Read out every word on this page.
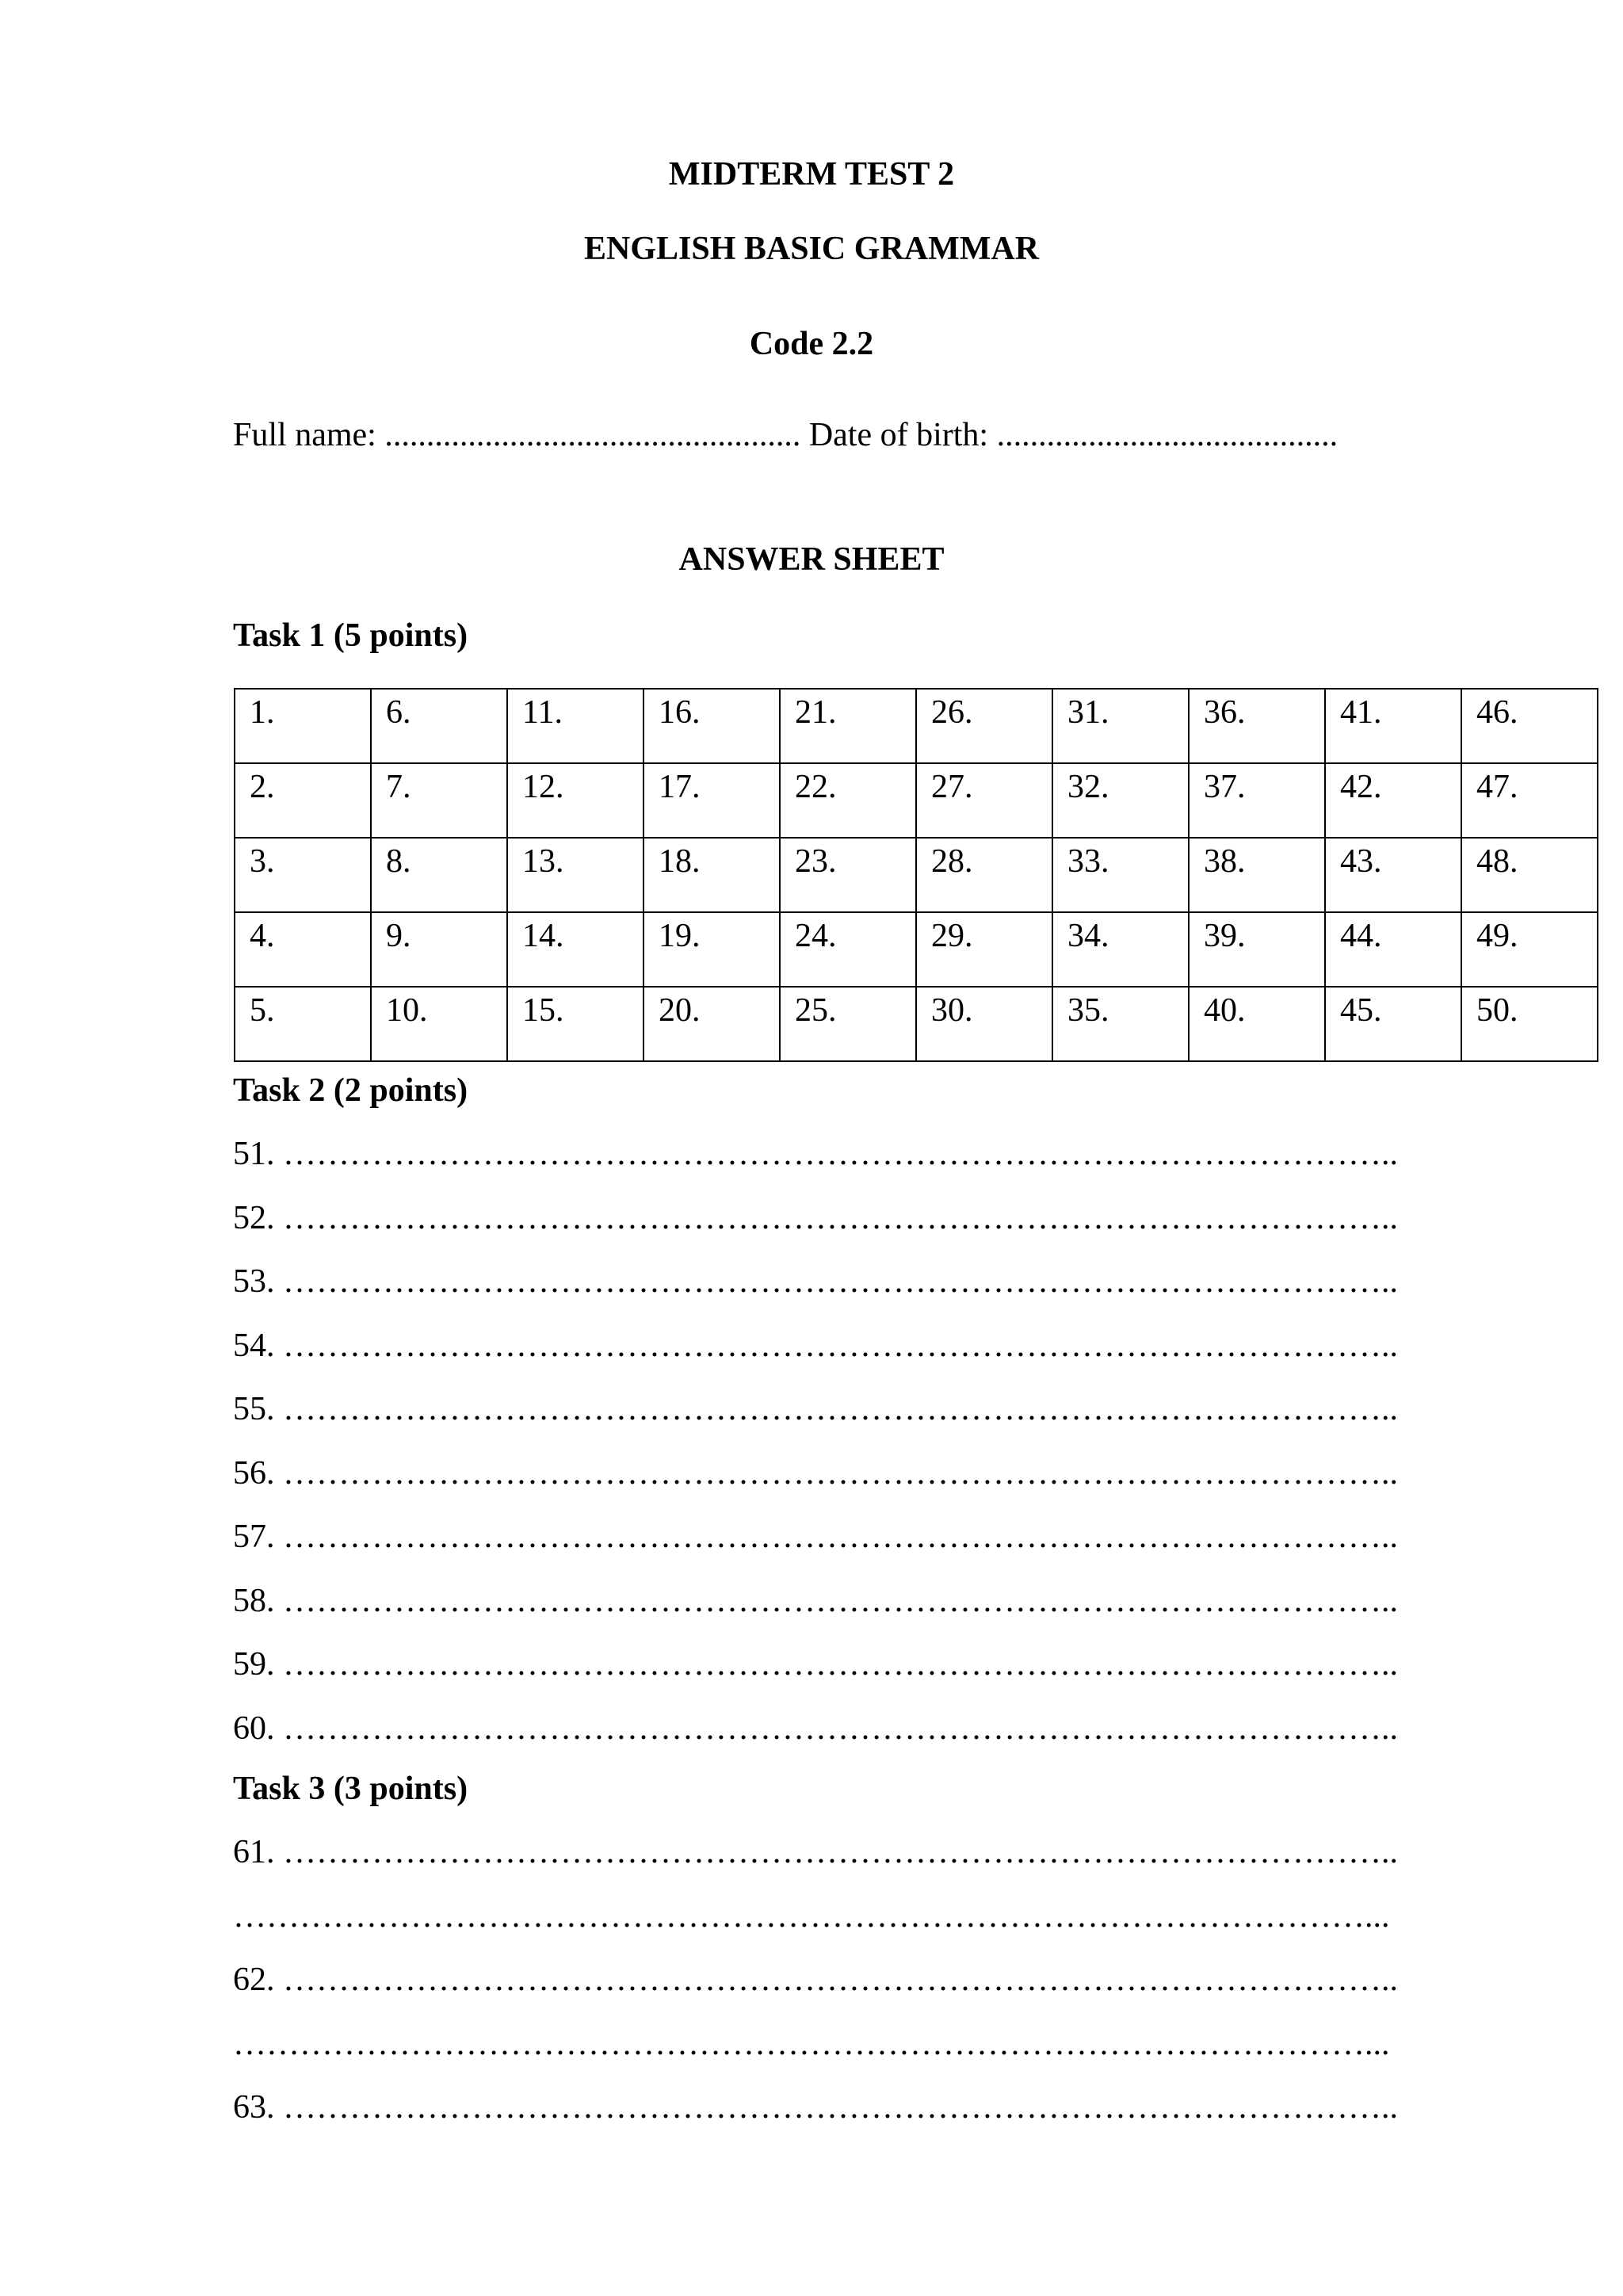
MIDTERM TEST 2
ENGLISH BASIC GRAMMAR
Code 2.2
Full name: .................................................. Date of birth: .........................................
ANSWER SHEET
Task 1 (5 points)
1.	6.	11.	16.	21.	26.	31.	36.	41.	46.
2.	7.	12.	17.	22.	27.	32.	37.	42.	47.
3.	8.	13.	18.	23.	28.	33.	38.	43.	48.
4.	9.	14.	19.	24.	29.	34.	39.	44.	49.
5.	10.	15.	20.	25.	30.	35.	40.	45.	50.
Task 2 (2 points)
51. ………………………………………………………………………………………..
52. ………………………………………………………………………………………..
53. ………………………………………………………………………………………..
54. ………………………………………………………………………………………..
55. ………………………………………………………………………………………..
56. ………………………………………………………………………………………..
57. ………………………………………………………………………………………..
58. ………………………………………………………………………………………..
59. ………………………………………………………………………………………..
60. ………………………………………………………………………………………..
Task 3 (3 points)
61. ………………………………………………………………………………………..
…………………………………………………………………………………………...
62. ………………………………………………………………………………………..
…………………………………………………………………………………………...
63. ………………………………………………………………………………………..
